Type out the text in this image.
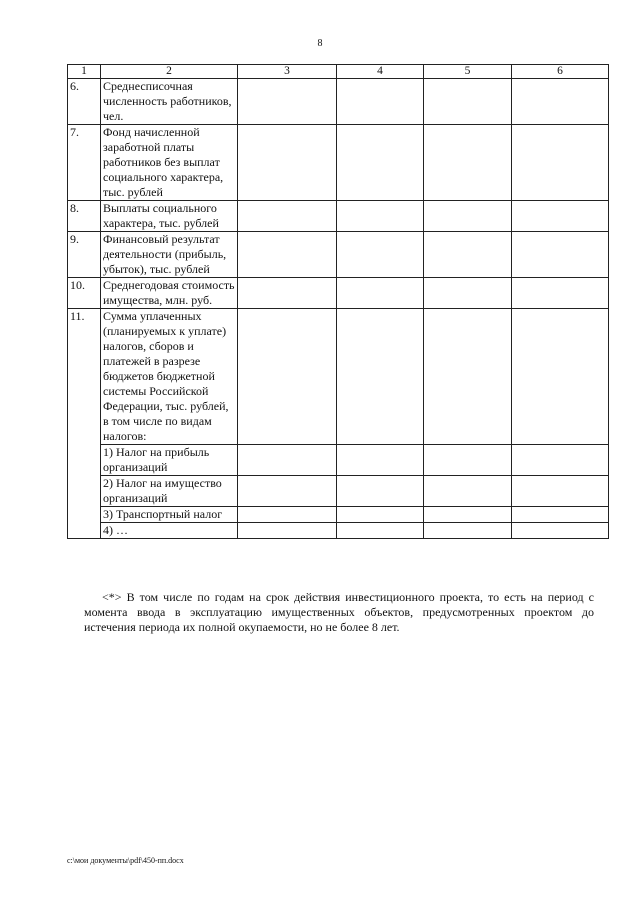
8
1	2	3	4	5	6
6.	Среднесписочная численность работников, чел.				
7.	Фонд начисленной заработной платы работников без выплат социального характера, тыс. рублей				
8.	Выплаты социального характера, тыс. рублей				
9.	Финансовый результат деятельности (прибыль, убыток), тыс. рублей				
10.	Среднегодовая стоимость имущества, млн. руб.				
11.	Сумма уплаченных (планируемых к уплате) налогов, сборов и платежей в разрезе бюджетов бюджетной системы Российской Федерации, тыс. рублей, в том числе по видам налогов:				
	1) Налог на прибыль организаций				
	2) Налог на имущество организаций				
	3) Транспортный налог				
	4) …				
<*> В том числе по годам на срок действия инвестиционного проекта, то есть на период с момента ввода в эксплуатацию имущественных объектов, предусмотренных проектом до истечения периода их полной окупаемости, но не более 8 лет.
c:\мои документы\pdf\450-пп.docx
